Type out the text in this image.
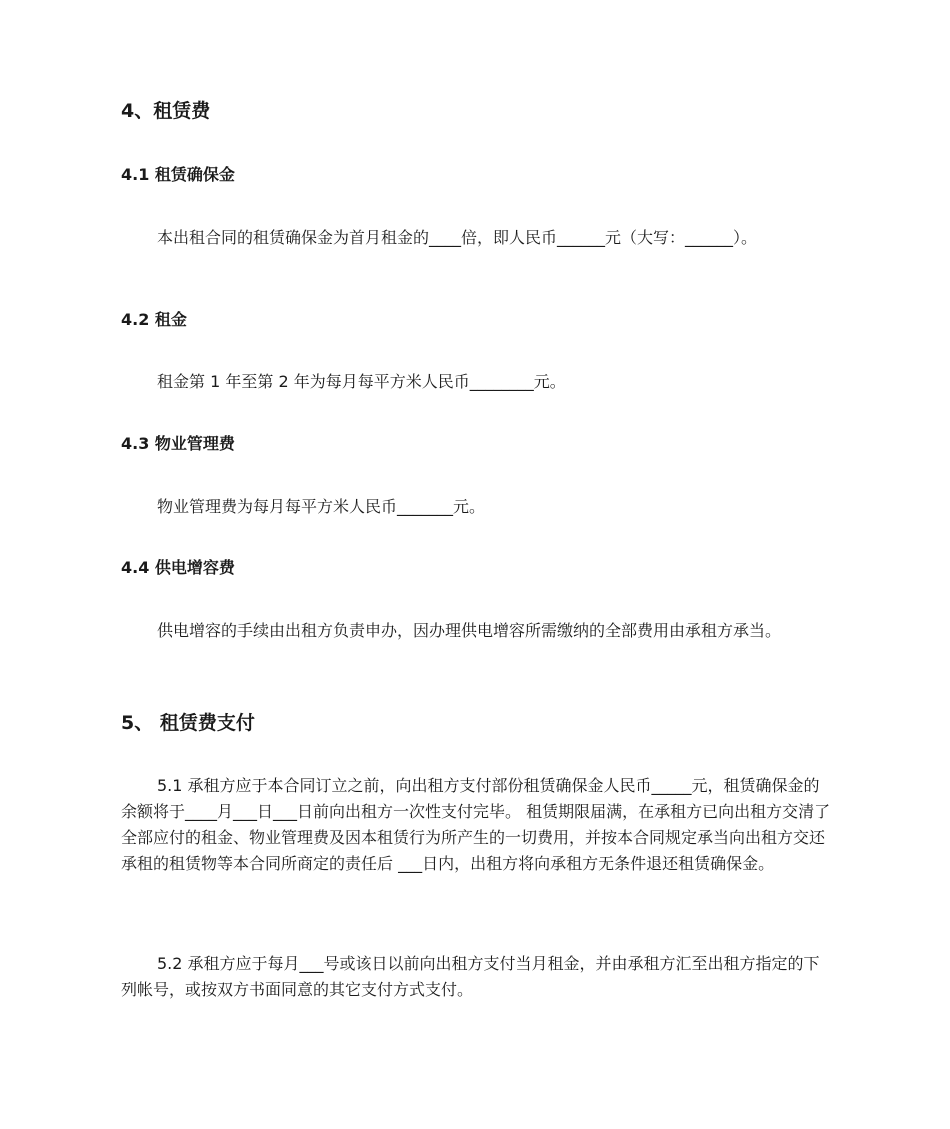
4、租赁费
4.1 租赁确保金

本出租合同的租赁确保金为首月租金的____倍，即人民币______元（大写：______）。

4.2 租金

租金第 1 年至第 2 年为每月每平方米人民币________元。

4.3 物业管理费

物业管理费为每月每平方米人民币_______元。

4.4 供电增容费

供电增容的手续由出租方负责申办，因办理供电增容所需缴纳的全部费用由承租方承当。

5、 租赁费支付

5.1 承租方应于本合同订立之前，向出租方支付部份租赁确保金人民币_____元，租赁确保金的余额将于____月___日___日前向出租方一次性支付完毕。 租赁期限届满，在承租方已向出租方交清了全部应付的租金、物业管理费及因本租赁行为所产生的一切费用，并按本合同规定承当向出租方交还承租的租赁物等本合同所商定的责任后 ___日内，出租方将向承租方无条件退还租赁确保金。

5.2 承租方应于每月___号或该日以前向出租方支付当月租金，并由承租方汇至出租方指定的下列帐号，或按双方书面同意的其它支付方式支付。
